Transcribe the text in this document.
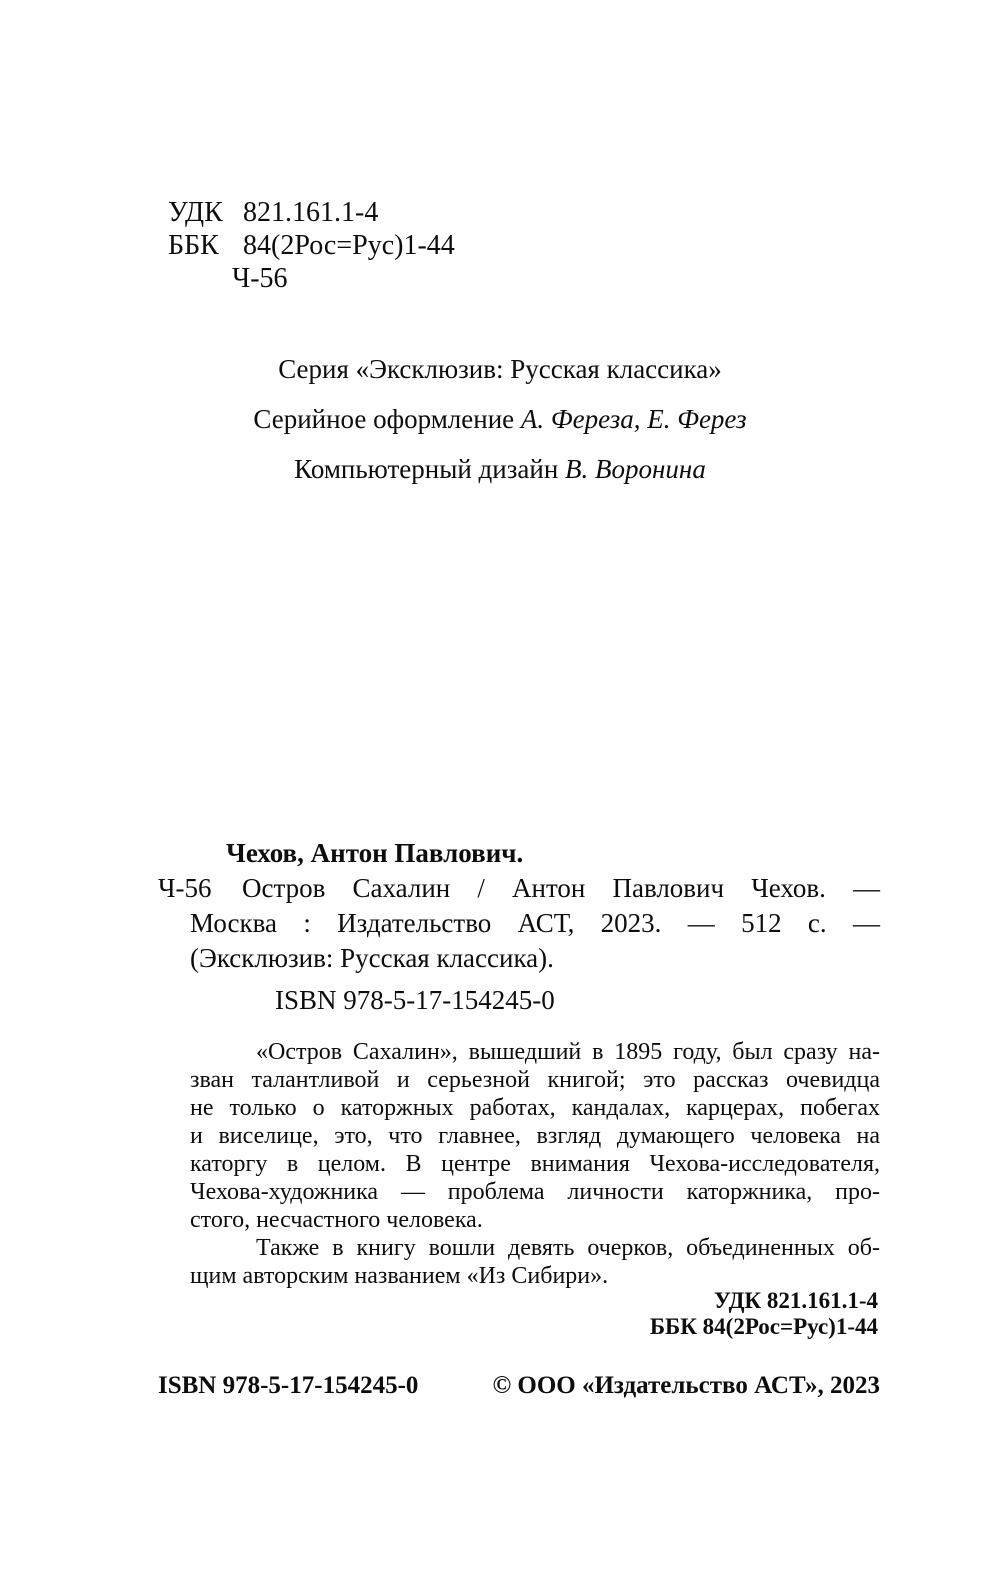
УДК 821.161.1-4
ББК 84(2Рос=Рус)1-44
Ч-56
Серия «Эксклюзив: Русская классика»
Серийное оформление А. Фереза, Е. Ферез
Компьютерный дизайн В. Воронина
Чехов, Антон Павлович.
Ч-56	Остров Сахалин / Антон Павлович Чехов. —
Москва : Издательство АСТ, 2023. — 512 с. —
(Эксклюзив: Русская классика).
ISBN 978-5-17-154245-0
«Остров Сахалин», вышедший в 1895 году, был сразу на-
зван талантливой и серьезной книгой; это рассказ очевидца
не только о каторжных работах, кандалах, карцерах, побегах
и виселице, это, что главнее, взгляд думающего человека на
каторгу в целом. В центре внимания Чехова-исследователя,
Чехова-художника — проблема личности каторжника, про-
стого, несчастного человека.
Также в книгу вошли девять очерков, объединенных об-
щим авторским названием «Из Сибири».
УДК 821.161.1-4
ББК 84(2Рос=Рус)1-44
ISBN 978-5-17-154245-0	© ООО «Издательство АСТ», 2023
